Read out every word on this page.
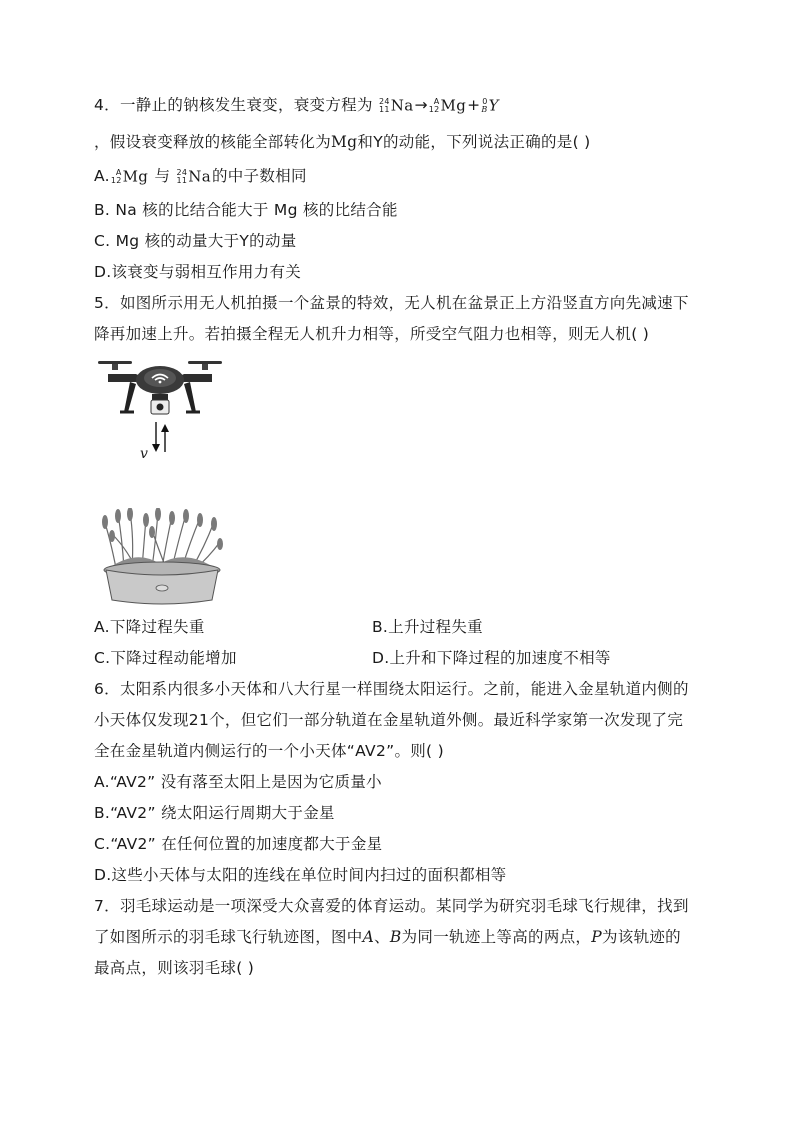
4．一静止的钠核发生衰变，衰变方程为 24
11 Na→ A
12 Mg+ 0
B Y
，假设衰变释放的核能全部转化为Mg和Y的动能，下列说法正确的是( )
A. A
12 Mg 与 24
11 Na的中子数相同
B. Na 核的比结合能大于 Mg 核的比结合能
C. Mg 核的动量大于Y的动量
D.该衰变与弱相互作用力有关
5．如图所示用无人机拍摄一个盆景的特效，无人机在盆景正上方沿竖直方向先减速下
降再加速上升。若拍摄全程无人机升力相等，所受空气阻力也相等，则无人机( )
v
A.下降过程失重	B.上升过程失重
C.下降过程动能增加	D.上升和下降过程的加速度不相等
6．太阳系内很多小天体和八大行星一样围绕太阳运行。之前，能进入金星轨道内侧的
小天体仅发现21个，但它们一部分轨道在金星轨道外侧。最近科学家第一次发现了完
全在金星轨道内侧运行的一个小天体“AV2”。则( )
A.“AV2” 没有落至太阳上是因为它质量小
B.“AV2” 绕太阳运行周期大于金星
C.“AV2” 在任何位置的加速度都大于金星
D.这些小天体与太阳的连线在单位时间内扫过的面积都相等
7．羽毛球运动是一项深受大众喜爱的体育运动。某同学为研究羽毛球飞行规律，找到
了如图所示的羽毛球飞行轨迹图，图中A、B为同一轨迹上等高的两点，P为该轨迹的
最高点，则该羽毛球( )
